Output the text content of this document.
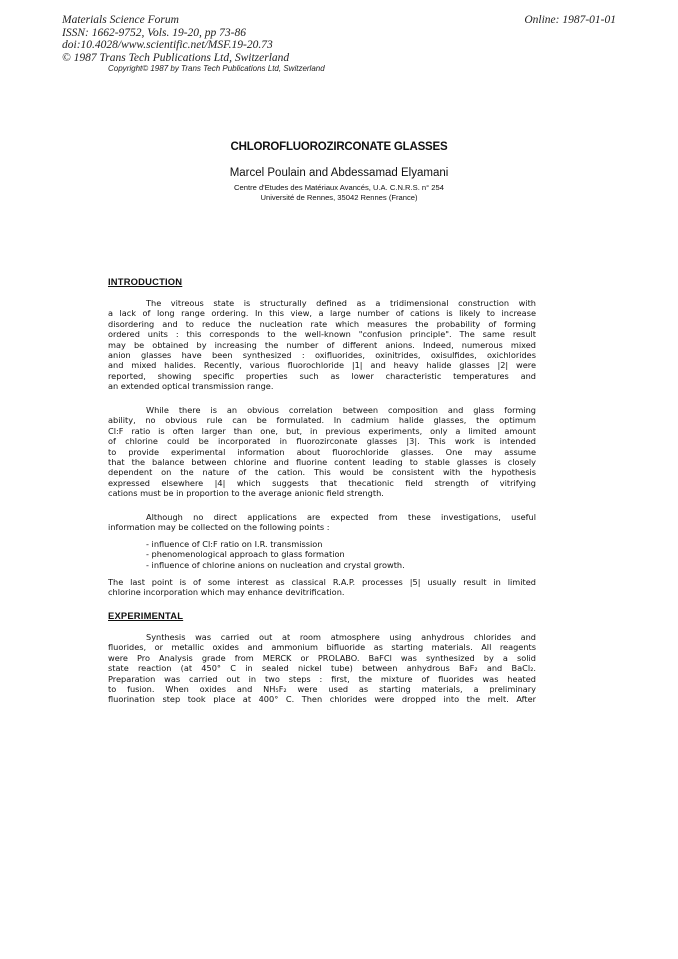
Materials Science Forum
ISSN: 1662-9752, Vols. 19-20, pp 73-86
doi:10.4028/www.scientific.net/MSF.19-20.73
© 1987 Trans Tech Publications Ltd, Switzerland
Online: 1987-01-01
Copyright© 1987 by Trans Tech Publications Ltd, Switzerland
CHLOROFLUOROZIRCONATE GLASSES
Marcel Poulain and Abdessamad Elyamani
Centre d'Etudes des Matériaux Avancés, U.A. C.N.R.S. n° 254
Université de Rennes, 35042 Rennes (France)
INTRODUCTION
The vitreous state is structurally defined as a tridimensional construction with
a lack of long range ordering. In this view, a large number of cations is likely to increase
disordering and to reduce the nucleation rate which measures the probability of forming
ordered units : this corresponds to the well-known "confusion principle". The same result
may be obtained by increasing the number of different anions. Indeed, numerous mixed
anion glasses have been synthesized : oxifluorides, oxinitrides, oxisulfides, oxichlorides
and mixed halides. Recently, various fluorochloride |1| and heavy halide glasses |2| were
reported, showing specific properties such as lower characteristic temperatures and
an extended optical transmission range.
While there is an obvious correlation between composition and glass forming
ability, no obvious rule can be formulated. In cadmium halide glasses, the optimum
Cl:F ratio is often larger than one, but, in previous experiments, only a limited amount
of chlorine could be incorporated in fluorozirconate glasses |3|. This work is intended
to provide experimental information about fluorochloride glasses. One may assume
that the balance between chlorine and fluorine content leading to stable glasses is closely
dependent on the nature of the cation. This would be consistent with the hypothesis
expressed elsewhere |4| which suggests that thecationic field strength of vitrifying
cations must be in proportion to the average anionic field strength.
Although no direct applications are expected from these investigations, useful
information may be collected on the following points :
- influence of Cl:F ratio on I.R. transmission
- phenomenological approach to glass formation
- influence of chlorine anions on nucleation and crystal growth.
The last point is of some interest as classical R.A.P. processes |5| usually result in limited
chlorine incorporation which may enhance devitrification.
EXPERIMENTAL
Synthesis was carried out at room atmosphere using anhydrous chlorides and
fluorides, or metallic oxides and ammonium bifluoride as starting materials. All reagents
were Pro Analysis grade from MERCK or PROLABO. BaFCl was synthesized by a solid
state reaction (at 450° C in sealed nickel tube) between anhydrous BaF₂ and BaCl₂.
Preparation was carried out in two steps : first, the mixture of fluorides was heated
to fusion. When oxides and NH₅F₂ were used as starting materials, a preliminary
fluorination step took place at 400° C. Then chlorides were dropped into the melt. After
